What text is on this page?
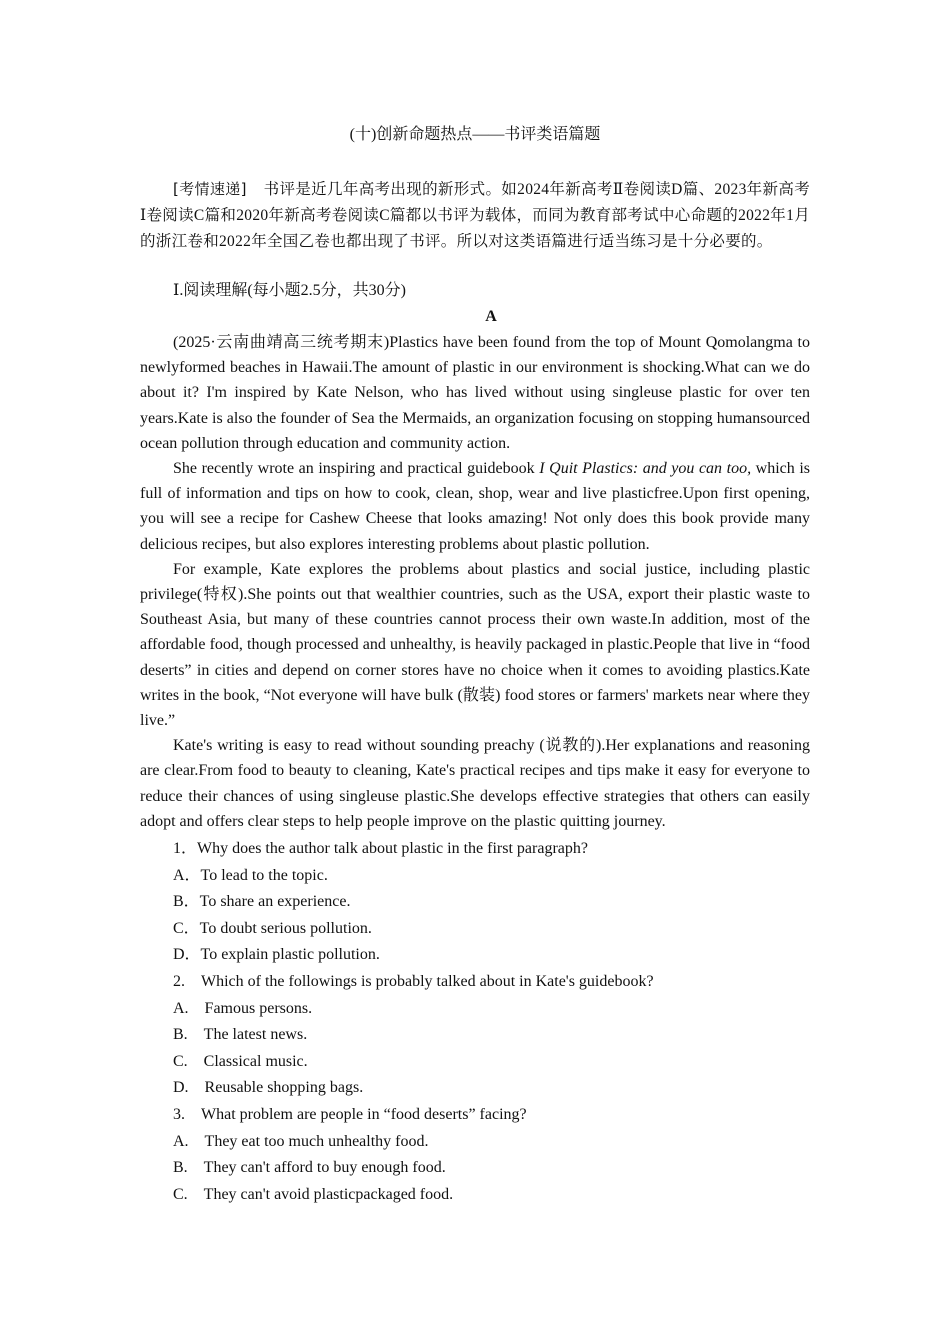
(十)创新命题热点——书评类语篇题
[考情速递] 书评是近几年高考出现的新形式。如2024年新高考Ⅱ卷阅读D篇、2023年新高考Ⅰ卷阅读C篇和2020年新高考卷阅读C篇都以书评为载体，而同为教育部考试中心命题的2022年1月的浙江卷和2022年全国乙卷也都出现了书评。所以对这类语篇进行适当练习是十分必要的。
Ⅰ.阅读理解(每小题2.5分，共30分)
A

(2025·云南曲靖高三统考期末)Plastics have been found from the top of Mount Qomolangma to newlyformed beaches in Hawaii.The amount of plastic in our environment is shocking.What can we do about it? I'm inspired by Kate Nelson, who has lived without using singleuse plastic for over ten years.Kate is also the founder of Sea the Mermaids, an organization focusing on stopping humansourced ocean pollution through education and community action.

She recently wrote an inspiring and practical guidebook I Quit Plastics: and you can too, which is full of information and tips on how to cook, clean, shop, wear and live plasticfree.Upon first opening, you will see a recipe for Cashew Cheese that looks amazing! Not only does this book provide many delicious recipes, but also explores interesting problems about plastic pollution.

For example, Kate explores the problems about plastics and social justice, including plastic privilege(特权).She points out that wealthier countries, such as the USA, export their plastic waste to Southeast Asia, but many of these countries cannot process their own waste.In addition, most of the affordable food, though processed and unhealthy, is heavily packaged in plastic.People that live in “food deserts” in cities and depend on corner stores have no choice when it comes to avoiding plastics.Kate writes in the book, “Not everyone will have bulk (散装) food stores or farmers' markets near where they live.”

Kate's writing is easy to read without sounding preachy (说教的).Her explanations and reasoning are clear.From food to beauty to cleaning, Kate's practical recipes and tips make it easy for everyone to reduce their chances of using singleuse plastic.She develops effective strategies that others can easily adopt and offers clear steps to help people improve on the plastic quitting journey.

1．Why does the author talk about plastic in the first paragraph?
A．To lead to the topic.
B．To share an experience.
C．To doubt serious pollution.
D．To explain plastic pollution.
2.　Which of the followings is probably talked about in Kate's guidebook?
A.　Famous persons.
B.　The latest news.
C.　Classical music.
D.　Reusable shopping bags.
3.　What problem are people in “food deserts” facing?
A.　They eat too much unhealthy food.
B.　They can't afford to buy enough food.
C.　They can't avoid plasticpackaged food.
